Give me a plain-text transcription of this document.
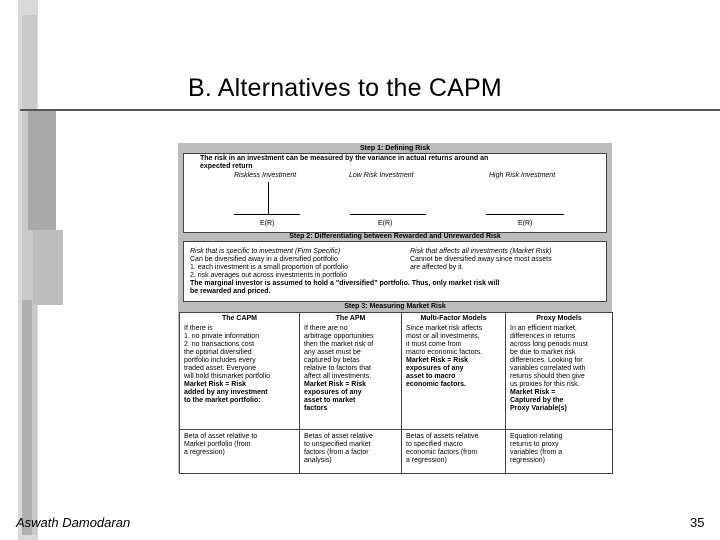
B. Alternatives to the CAPM
Step 1: Defining Risk
The risk in an investment can be measured by the variance in actual returns around an
expected return
Riskless Investment
E(R)
Low Risk Investment
E(R)
High Risk Investment
E(R)
Step 2: Differentiating between Rewarded and Unrewarded Risk
Risk that is specific to investment (Firm Specific)
Can be diversified away in a diversified portfolio
1. each investment is a small proportion of portfolio
2. risk averages out across investments in portfolio
Risk that affects all investments (Market Risk)
Cannot be diversified away since most assets
are affected by it.
The marginal investor is assumed to hold a "diversified" portfolio. Thus, only market risk will
be rewarded and priced.
Step 3: Measuring Market Risk
The CAPM
If there is
1. no private information
2. no transactions cost
the optimal diversified
portfolio includes every
traded asset. Everyone
will hold thismarket portfolio
Market Risk = Risk
added by any investment
to the market portfolio:
Beta of asset relative to
Market portfolio (from
a regression)
The APM
If there are no
arbitrage opportunities
then the market risk of
any asset must be
captured by betas
relative to factors that
affect all investments.
Market Risk = Risk
exposures of any
asset to market
factors
Betas of asset relative
to unspecified market
factors (from a factor
analysis)
Multi-Factor Models
Since market risk affects
most or all investments,
it must come from
macro economic factors.
Market Risk = Risk
exposures of any
asset to macro
economic factors.
Betas of assets relative
to specified macro
economic factors (from
a regression)
Proxy Models
In an efficient market,
differences in returns
across long periods must
be due to market risk
differences. Looking for
variables correlated with
returns should then give
us proxies for this risk.
Market Risk =
Captured by the
Proxy Variable(s)
Equation relating
returns to proxy
variables (from a
regression)
Aswath Damodaran	35
